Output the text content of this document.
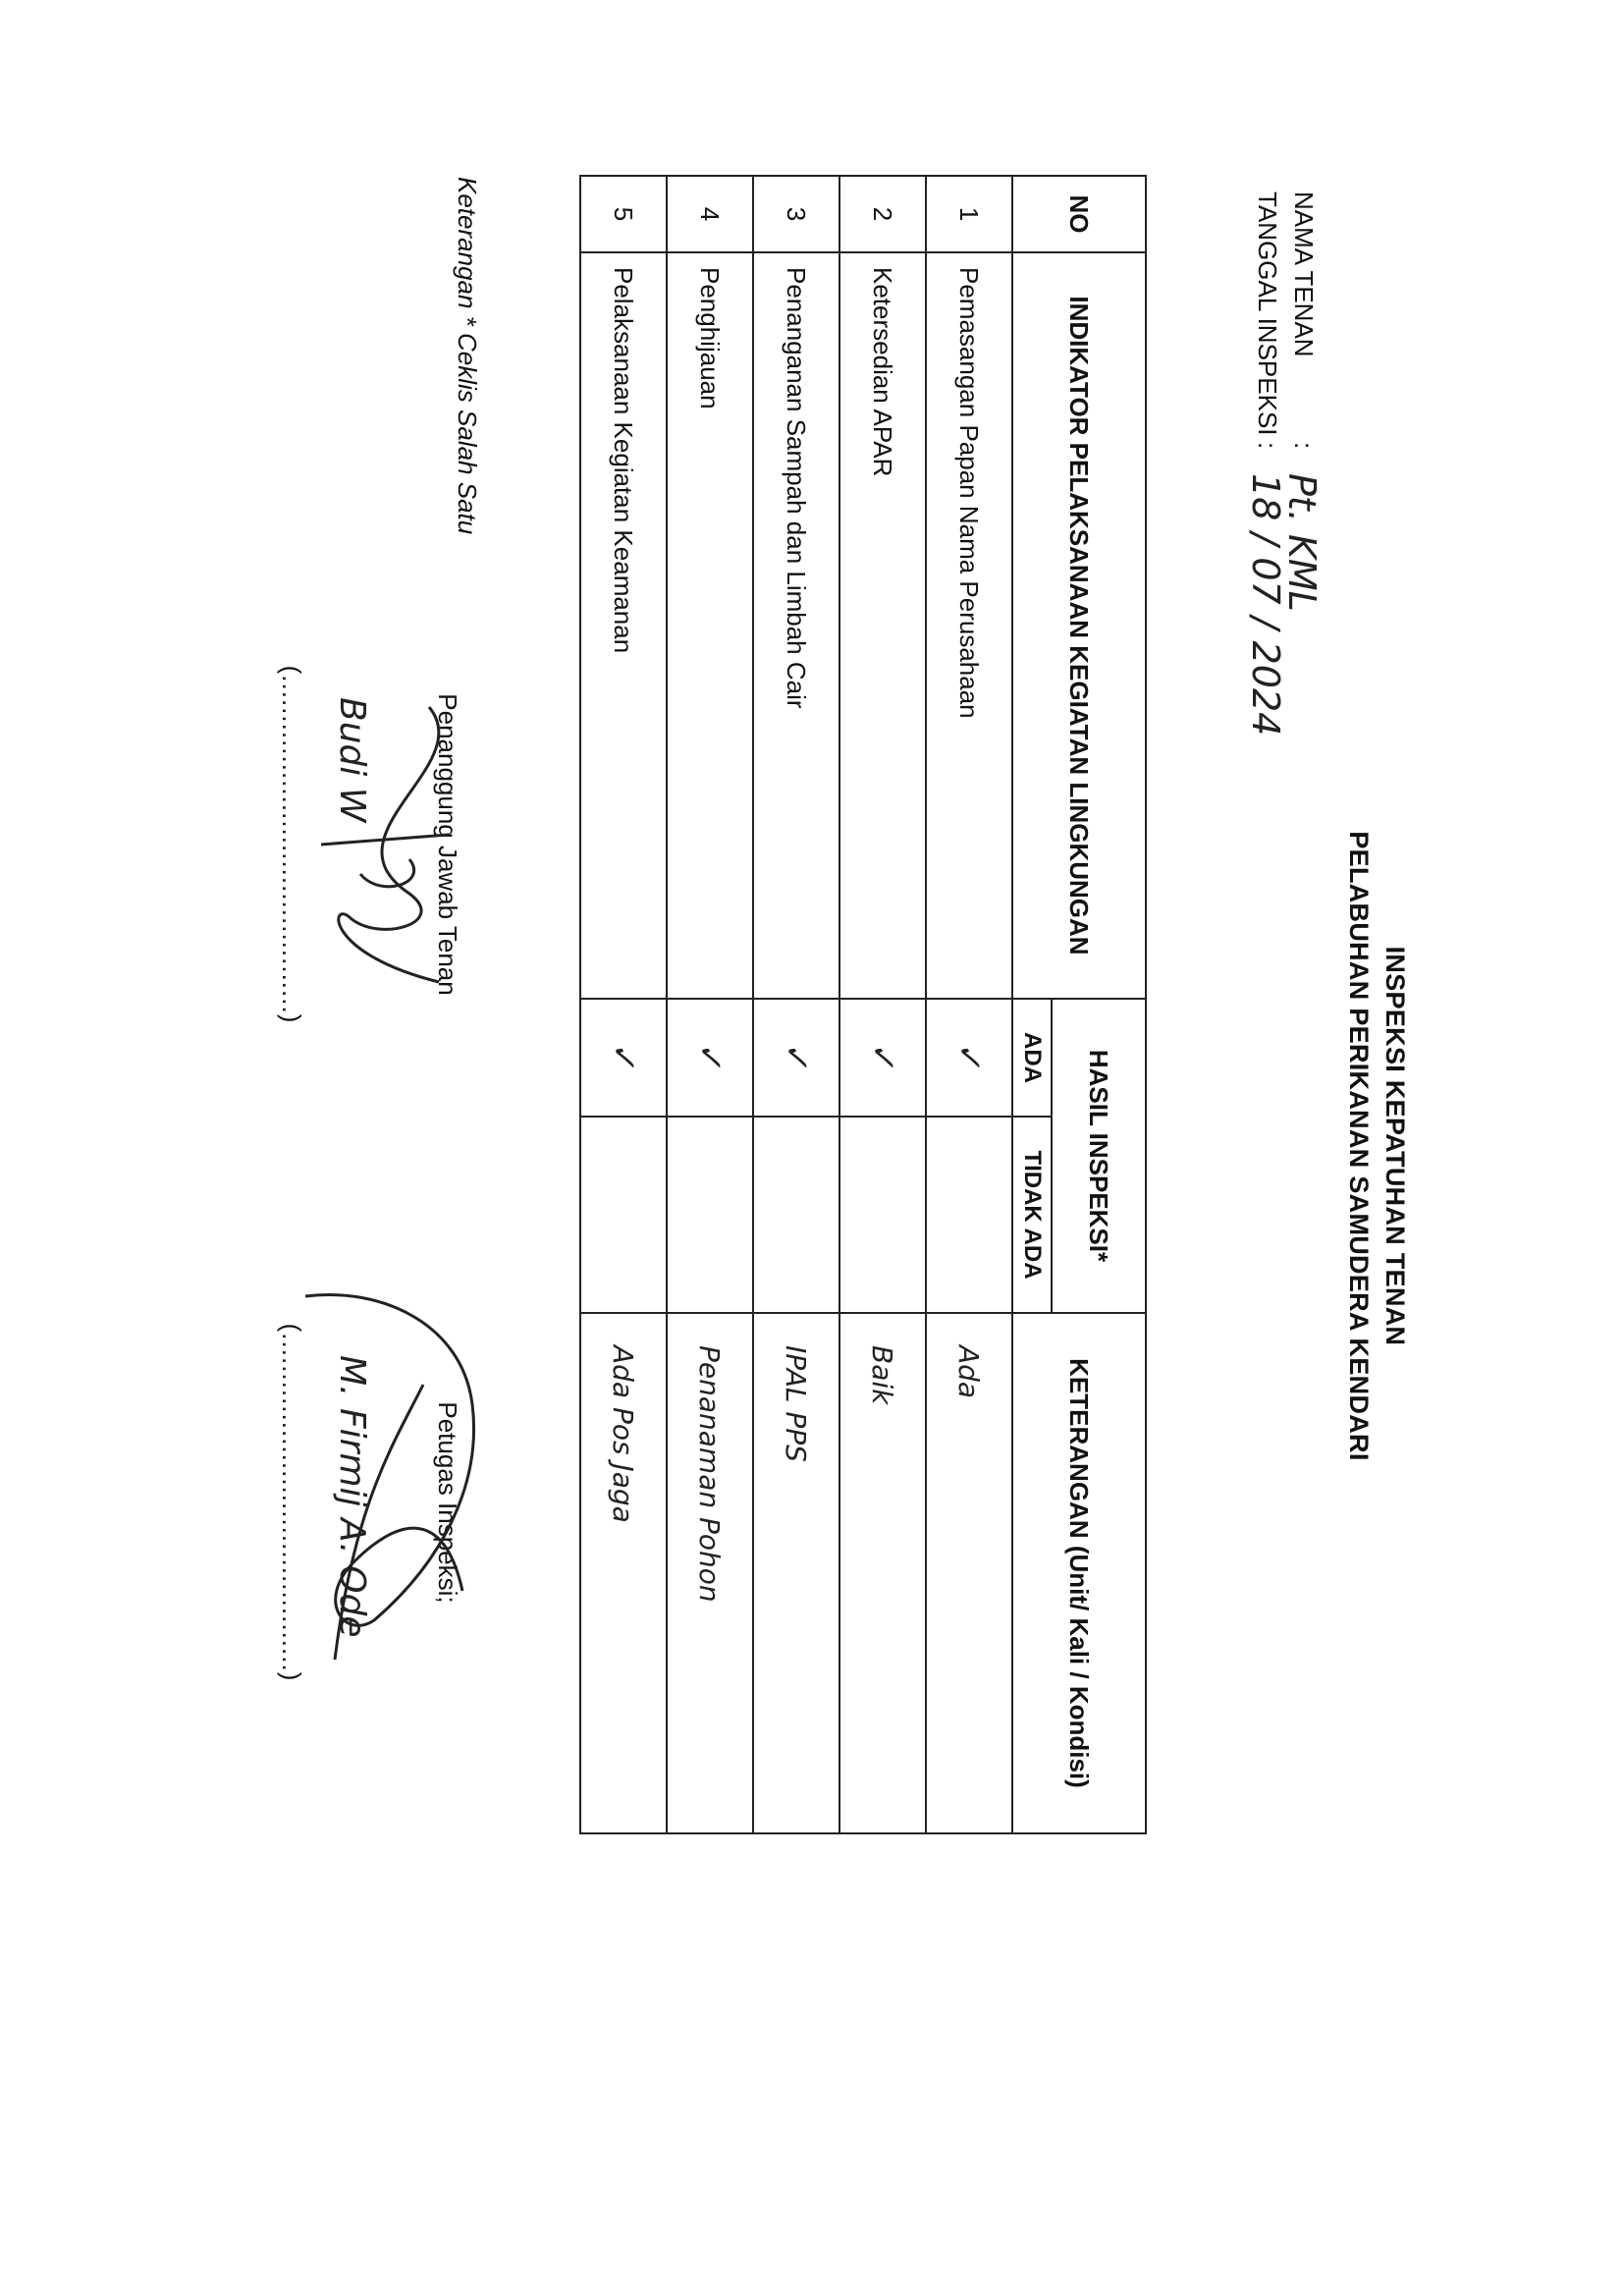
INSPEKSI KEPATUHAN TENAN
PELABUHAN PERIKANAN SAMUDERA KENDARI
NAMA TENAN:Pt. KML
TANGGAL INSPEKSI:18 / 07 / 2024
NO	INDIKATOR PELAKSANAAN KEGIATAN LINGKUNGAN	HASIL INSPEKSI*		KETERANGAN (Unit/ Kali / Kondisi)
		ADA	TIDAK ADA	
1	Pemasangan Papan Nama Perusahaan	✓		Ada
2	Ketersedian APAR	✓		Baik
3	Penanganan Sampah dan Limbah Cair	✓		IPAL PPS
4	Penghijauan	✓		Penanaman Pohon
5	Pelaksanaan Kegiatan Keamanan	✓		Ada Pos Jaga
Keterangan * Cekli​s Salah Satu
Penanggung Jawab Tenan
(..........................................) Budi W
Petugas Inspeksi;
(..........................................) M. Firmij A. Ode
